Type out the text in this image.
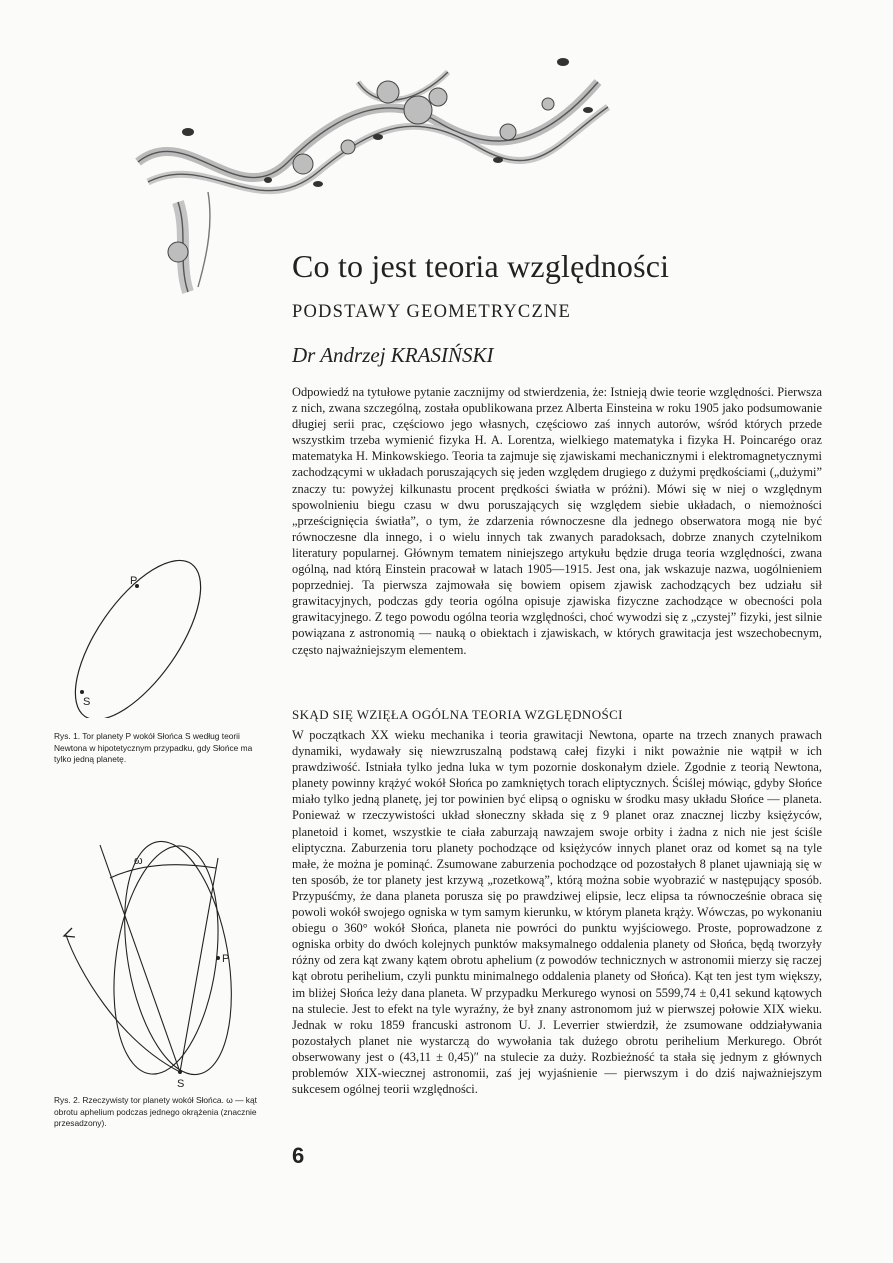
Co to jest teoria względności
PODSTAWY GEOMETRYCZNE
Dr Andrzej KRASIŃSKI

Odpowiedź na tytułowe pytanie zacznijmy od stwierdzenia, że: Istnieją dwie teorie względności. Pierwsza z nich, zwana szczególną, została opublikowana przez Alberta Einsteina w roku 1905 jako podsumowanie długiej serii prac, częściowo jego własnych, częściowo zaś innych autorów, wśród których przede wszystkim trzeba wymienić fizyka H. A. Lorentza, wielkiego matematyka i fizyka H. Poincarégo oraz matematyka H. Minkowskiego. Teoria ta zajmuje się zjawiskami mechanicznymi i elektromagnetycznymi zachodzącymi w układach poruszających się jeden względem drugiego z dużymi prędkościami („dużymi” znaczy tu: powyżej kilkunastu procent prędkości światła w próżni). Mówi się w niej o względnym spowolnieniu biegu czasu w dwu poruszających się względem siebie układach, o niemożności „prześcignięcia światła”, o tym, że zdarzenia równoczesne dla jednego obserwatora mogą nie być równoczesne dla innego, i o wielu innych tak zwanych paradoksach, dobrze znanych czytelnikom literatury popularnej. Głównym tematem niniejszego artykułu będzie druga teoria względności, zwana ogólną, nad którą Einstein pracował w latach 1905—1915. Jest ona, jak wskazuje nazwa, uogólnieniem poprzedniej. Ta pierwsza zajmowała się bowiem opisem zjawisk zachodzących bez udziału sił grawitacyjnych, podczas gdy teoria ogólna opisuje zjawiska fizyczne zachodzące w obecności pola grawitacyjnego. Z tego powodu ogólna teoria względności, choć wywodzi się z „czystej” fizyki, jest silnie powiązana z astronomią — nauką o obiektach i zjawiskach, w których grawitacja jest wszechobecnym, często najważniejszym elementem.

SKĄD SIĘ WZIĘŁA OGÓLNA TEORIA WZGLĘDNOŚCI

W początkach XX wieku mechanika i teoria grawitacji Newtona, oparte na trzech znanych prawach dynamiki, wydawały się niewzruszalną podstawą całej fizyki i nikt poważnie nie wątpił w ich prawdziwość. Istniała tylko jedna luka w tym pozornie doskonałym dziele. Zgodnie z teorią Newtona, planety powinny krążyć wokół Słońca po zamkniętych torach eliptycznych. Ściślej mówiąc, gdyby Słońce miało tylko jedną planetę, jej tor powinien być elipsą o ognisku w środku masy układu Słońce — planeta. Ponieważ w rzeczywistości układ słoneczny składa się z 9 planet oraz znacznej liczby księżyców, planetoid i komet, wszystkie te ciała zaburzają nawzajem swoje orbity i żadna z nich nie jest ściśle eliptyczna. Zaburzenia toru planety pochodzące od księżyców innych planet oraz od komet są na tyle małe, że można je pominąć. Zsumowane zaburzenia pochodzące od pozostałych 8 planet ujawniają się w ten sposób, że tor planety jest krzywą „rozetkową”, którą można sobie wyobrazić w następujący sposób. Przypuśćmy, że dana planeta porusza się po prawdziwej elipsie, lecz elipsa ta równocześnie obraca się powoli wokół swojego ogniska w tym samym kierunku, w którym planeta krąży. Wówczas, po wykonaniu obiegu o 360° wokół Słońca, planeta nie powróci do punktu wyjściowego. Proste, poprowadzone z ogniska orbity do dwóch kolejnych punktów maksymalnego oddalenia planety od Słońca, będą tworzyły różny od zera kąt zwany kątem obrotu aphelium (z powodów technicznych w astronomii mierzy się raczej kąt obrotu perihelium, czyli punktu minimalnego oddalenia planety od Słońca). Kąt ten jest tym większy, im bliżej Słońca leży dana planeta. W przypadku Merkurego wynosi on 5599,74 ± 0,41 sekund kątowych na stulecie. Jest to efekt na tyle wyraźny, że był znany astronomom już w pierwszej połowie XIX wieku. Jednak w roku 1859 francuski astronom U. J. Leverrier stwierdził, że zsumowane oddziaływania pozostałych planet nie wystarczą do wywołania tak dużego obrotu perihelium Merkurego. Obrót obserwowany jest o (43,11 ± 0,45)″ na stulecie za duży. Rozbieżność ta stała się jednym z głównych problemów XIX-wiecznej astronomii, zaś jej wyjaśnienie — pierwszym i do dziś najważniejszym sukcesem ogólnej teorii względności.

P
S

Rys. 1. Tor planety P wokół Słońca S według teorii Newtona w hipotetycznym przypadku, gdy Słońce ma tylko jedną planetę.

ω
P
S

Rys. 2. Rzeczywisty tor planety wokół Słońca. ω — kąt obrotu aphelium podczas jednego okrążenia (znacznie przesadzony).

6
